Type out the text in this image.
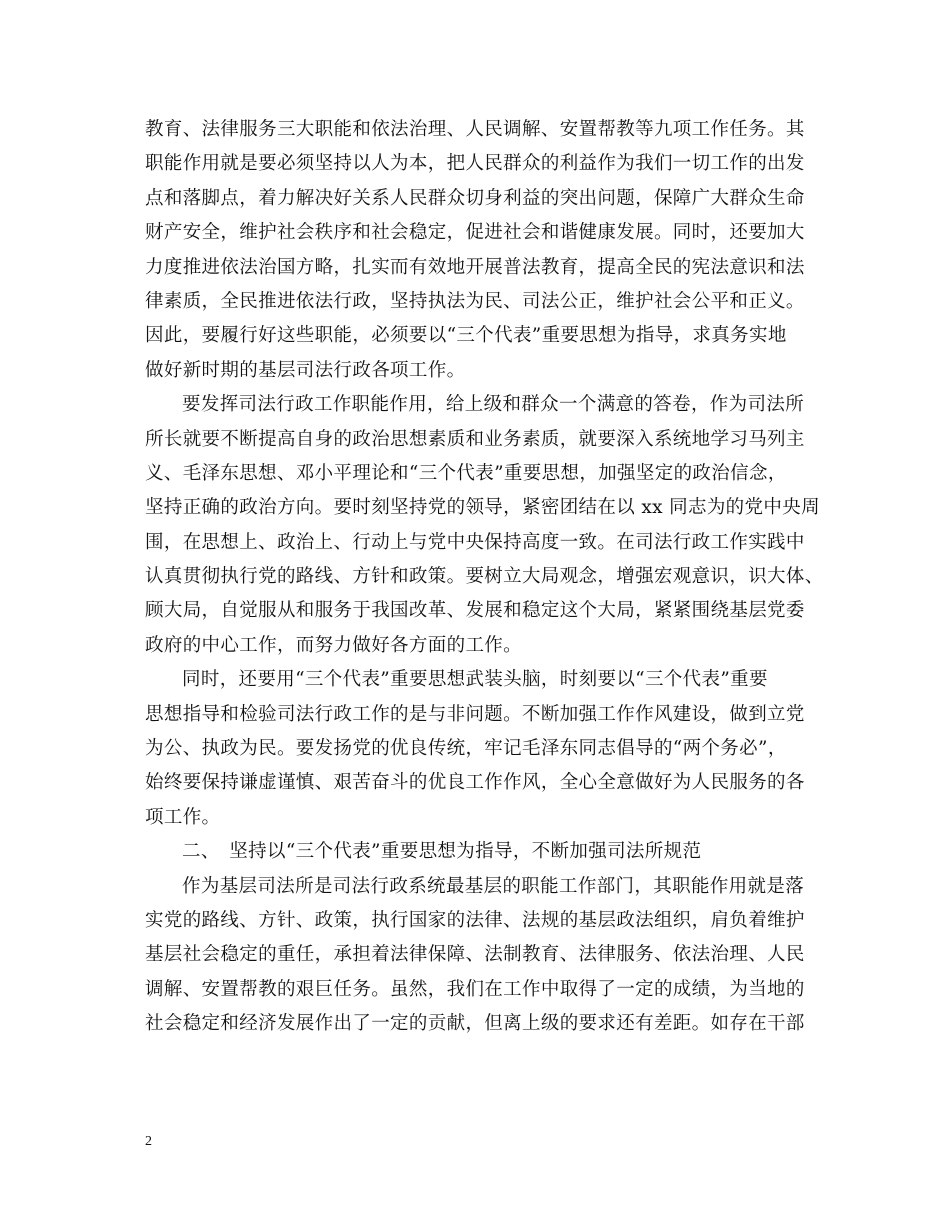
教育、法律服务三大职能和依法治理、人民调解、安置帮教等九项工作任务。其
职能作用就是要必须坚持以人为本，把人民群众的利益作为我们一切工作的出发
点和落脚点，着力解决好关系人民群众切身利益的突出问题，保障广大群众生命
财产安全，维护社会秩序和社会稳定，促进社会和谐健康发展。同时，还要加大
力度推进依法治国方略，扎实而有效地开展普法教育，提高全民的宪法意识和法
律素质，全民推进依法行政，坚持执法为民、司法公正，维护社会公平和正义。
因此，要履行好这些职能，必须要以“三个代表”重要思想为指导，求真务实地
做好新时期的基层司法行政各项工作。
要发挥司法行政工作职能作用，给上级和群众一个满意的答卷，作为司法所
所长就要不断提高自身的政治思想素质和业务素质，就要深入系统地学习马列主
义、毛泽东思想、邓小平理论和“三个代表”重要思想，加强坚定的政治信念，
坚持正确的政治方向。要时刻坚持党的领导，紧密团结在以 xx 同志为的党中央周
围，在思想上、政治上、行动上与党中央保持高度一致。在司法行政工作实践中
认真贯彻执行党的路线、方针和政策。要树立大局观念，增强宏观意识，识大体、
顾大局，自觉服从和服务于我国改革、发展和稳定这个大局，紧紧围绕基层党委
政府的中心工作，而努力做好各方面的工作。
同时，还要用“三个代表”重要思想武装头脑，时刻要以“三个代表”重要
思想指导和检验司法行政工作的是与非问题。不断加强工作作风建设，做到立党
为公、执政为民。要发扬党的优良传统，牢记毛泽东同志倡导的“两个务必”，
始终要保持谦虚谨慎、艰苦奋斗的优良工作作风，全心全意做好为人民服务的各
项工作。
二、　坚持以“三个代表”重要思想为指导，不断加强司法所规范
作为基层司法所是司法行政系统最基层的职能工作部门，其职能作用就是落
实党的路线、方针、政策，执行国家的法律、法规的基层政法组织，肩负着维护
基层社会稳定的重任，承担着法律保障、法制教育、法律服务、依法治理、人民
调解、安置帮教的艰巨任务。虽然，我们在工作中取得了一定的成绩，为当地的
社会稳定和经济发展作出了一定的贡献，但离上级的要求还有差距。如存在干部
2
